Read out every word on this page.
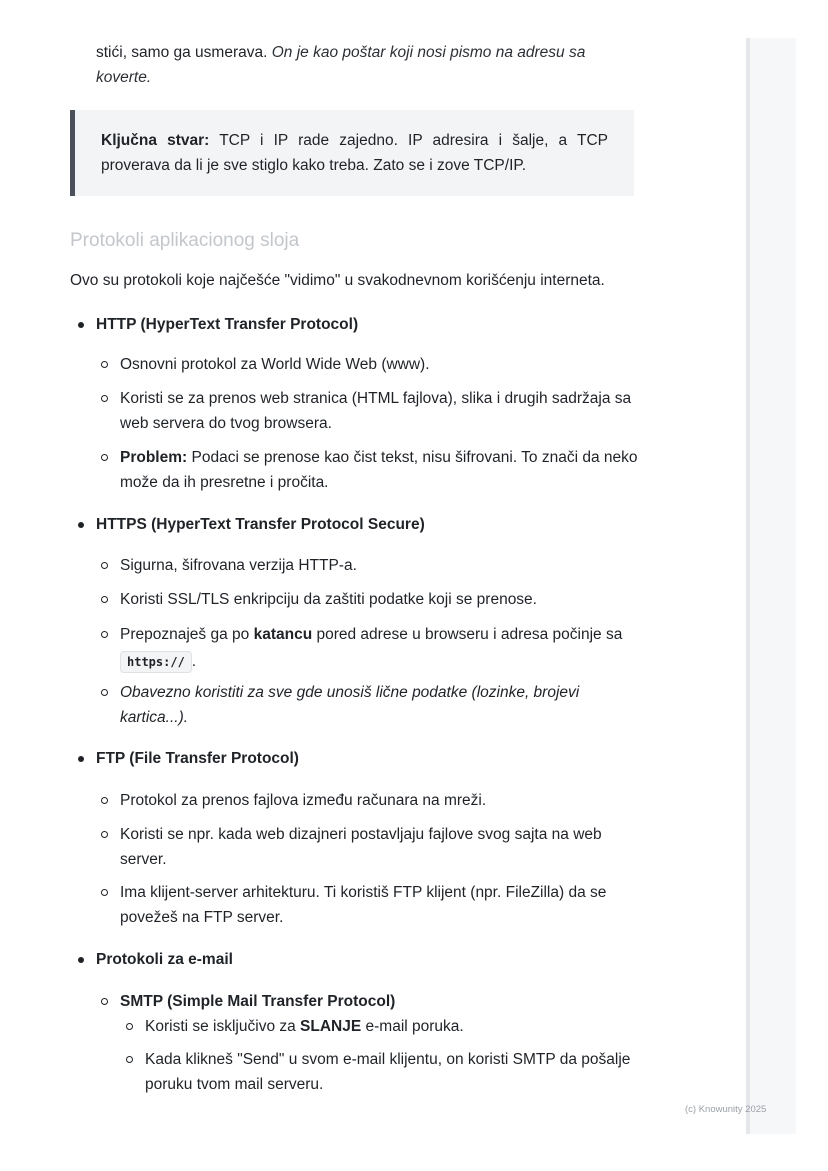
(c) Knowunity 2025
stići, samo ga usmerava. On je kao poštar koji nosi pismo na adresu sa koverte.
Ključna stvar: TCP i IP rade zajedno. IP adresira i šalje, a TCP proverava da li je sve stiglo kako treba. Zato se i zove TCP/IP.
Protokoli aplikacionog sloja
Ovo su protokoli koje najčešće "vidimo" u svakodnevnom korišćenju interneta.
HTTP (HyperText Transfer Protocol)
Osnovni protokol za World Wide Web (www).
Koristi se za prenos web stranica (HTML fajlova), slika i drugih sadržaja sa web servera do tvog browsera.
Problem: Podaci se prenose kao čist tekst, nisu šifrovani. To znači da neko može da ih presretne i pročita.
HTTPS (HyperText Transfer Protocol Secure)
Sigurna, šifrovana verzija HTTP-a.
Koristi SSL/TLS enkripciju da zaštiti podatke koji se prenose.
Prepoznaješ ga po katancu pored adrese u browseru i adresa počinje sa https:// .
Obavezno koristiti za sve gde unosiš lične podatke (lozinke, brojevi kartica...).
FTP (File Transfer Protocol)
Protokol za prenos fajlova između računara na mreži.
Koristi se npr. kada web dizajneri postavljaju fajlove svog sajta na web server.
Ima klijent-server arhitekturu. Ti koristiš FTP klijent (npr. FileZilla) da se povežeš na FTP server.
Protokoli za e-mail
SMTP (Simple Mail Transfer Protocol)
Koristi se isključivo za SLANJE e-mail poruka.
Kada klikneš "Send" u svom e-mail klijentu, on koristi SMTP da pošalje poruku tvom mail serveru.
